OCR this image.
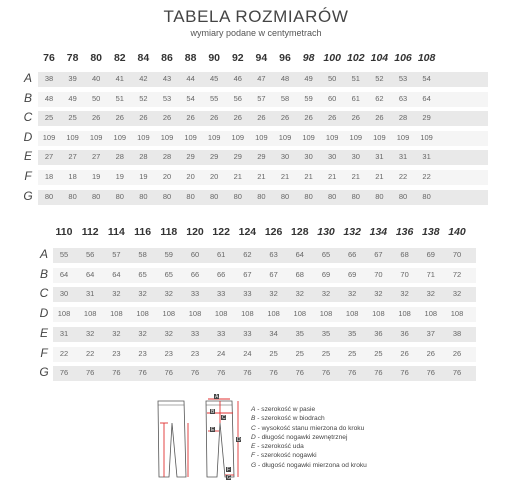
TABELA ROZMIARÓW
wymiary podane w centymetrach
76	78	80	82	84	86	88	90	92	94	96	98 100 102 104 106 108
A	38	39	40	41	42	43	44	45	46	47	48	49	50	51	52	53	54
B	48	49	50	51	52	53	54	55	56	57	58	59	60	61	62	63	64
C	25	25	26	26	26	26	26	26	26	26	26	26	26	26	26	28	29
D	109	109	109	109	109	109	109	109	109	109	109	109	109	109	109	109	109
E	27	27	27	28	28	28	29	29	29	29	30	30	30	30	31	31	31
F	18	18	19	19	19	20	20	20	21	21	21	21	21	21	21	22	22
G	80	80	80	80	80	80	80	80	80	80	80	80	80	80	80	80	80
110 112 114 116 118 120 122 124 126 128 130 132 134 136 138 140
A	55	56	57	58	59	60	61	62	63	64	65	66	67	68	69	70
B	64	64	64	65	65	66	66	67	67	68	69	69	70	70	71	72
C	30	31	32	32	32	33	33	33	32	32	32	32	32	32	32	32
D	108	108	108	108	108	108	108	108	108	108	108	108	108	108	108	108
E	31	32	32	32	32	33	33	33	34	35	35	35	36	36	37	38
F	22	22	23	23	23	23	24	24	25	25	25	25	25	26	26	26
G	76	76	76	76	76	76	76	76	76	76	76	76	76	76	76	76
A
B
C
D
E
F
G
A - szerokość w pasie
B - szerokość w biodrach
C - wysokość stanu mierzona do kroku
D - długość nogawki zewnętrznej
E - szerokość uda
F - szerokość nogawki
G - długość nogawki mierzona od kroku
